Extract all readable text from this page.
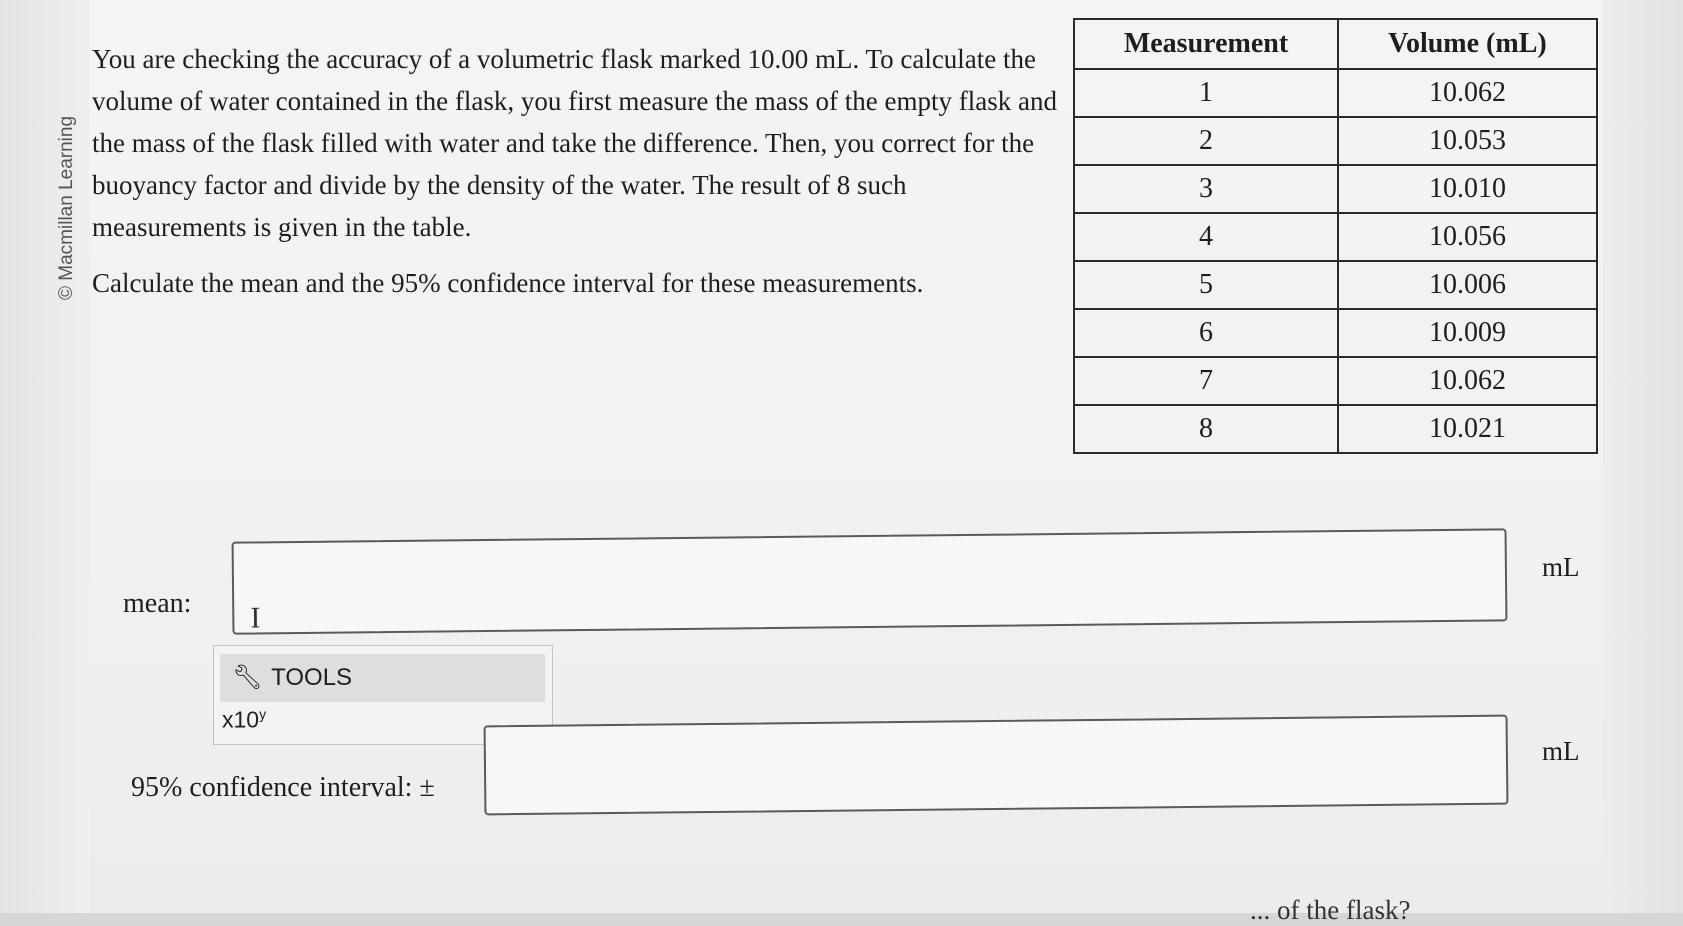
© Macmillan Learning

You are checking the accuracy of a volumetric flask marked 10.00 mL. To calculate the volume of water contained in the flask, you first measure the mass of the empty flask and the mass of the flask filled with water and take the difference. Then, you correct for the buoyancy factor and divide by the density of the water. The result of 8 such measurements is given in the table.

Calculate the mean and the 95% confidence interval for these measurements.

Measurement	Volume (mL)
1	10.062
2	10.053
3	10.010
4	10.056
5	10.006
6	10.009
7	10.062
8	10.021
mean: Ι
mL
🔧︎ TOOLS
x10$^y$
95% confidence interval: ±
mL
... of the flask?
